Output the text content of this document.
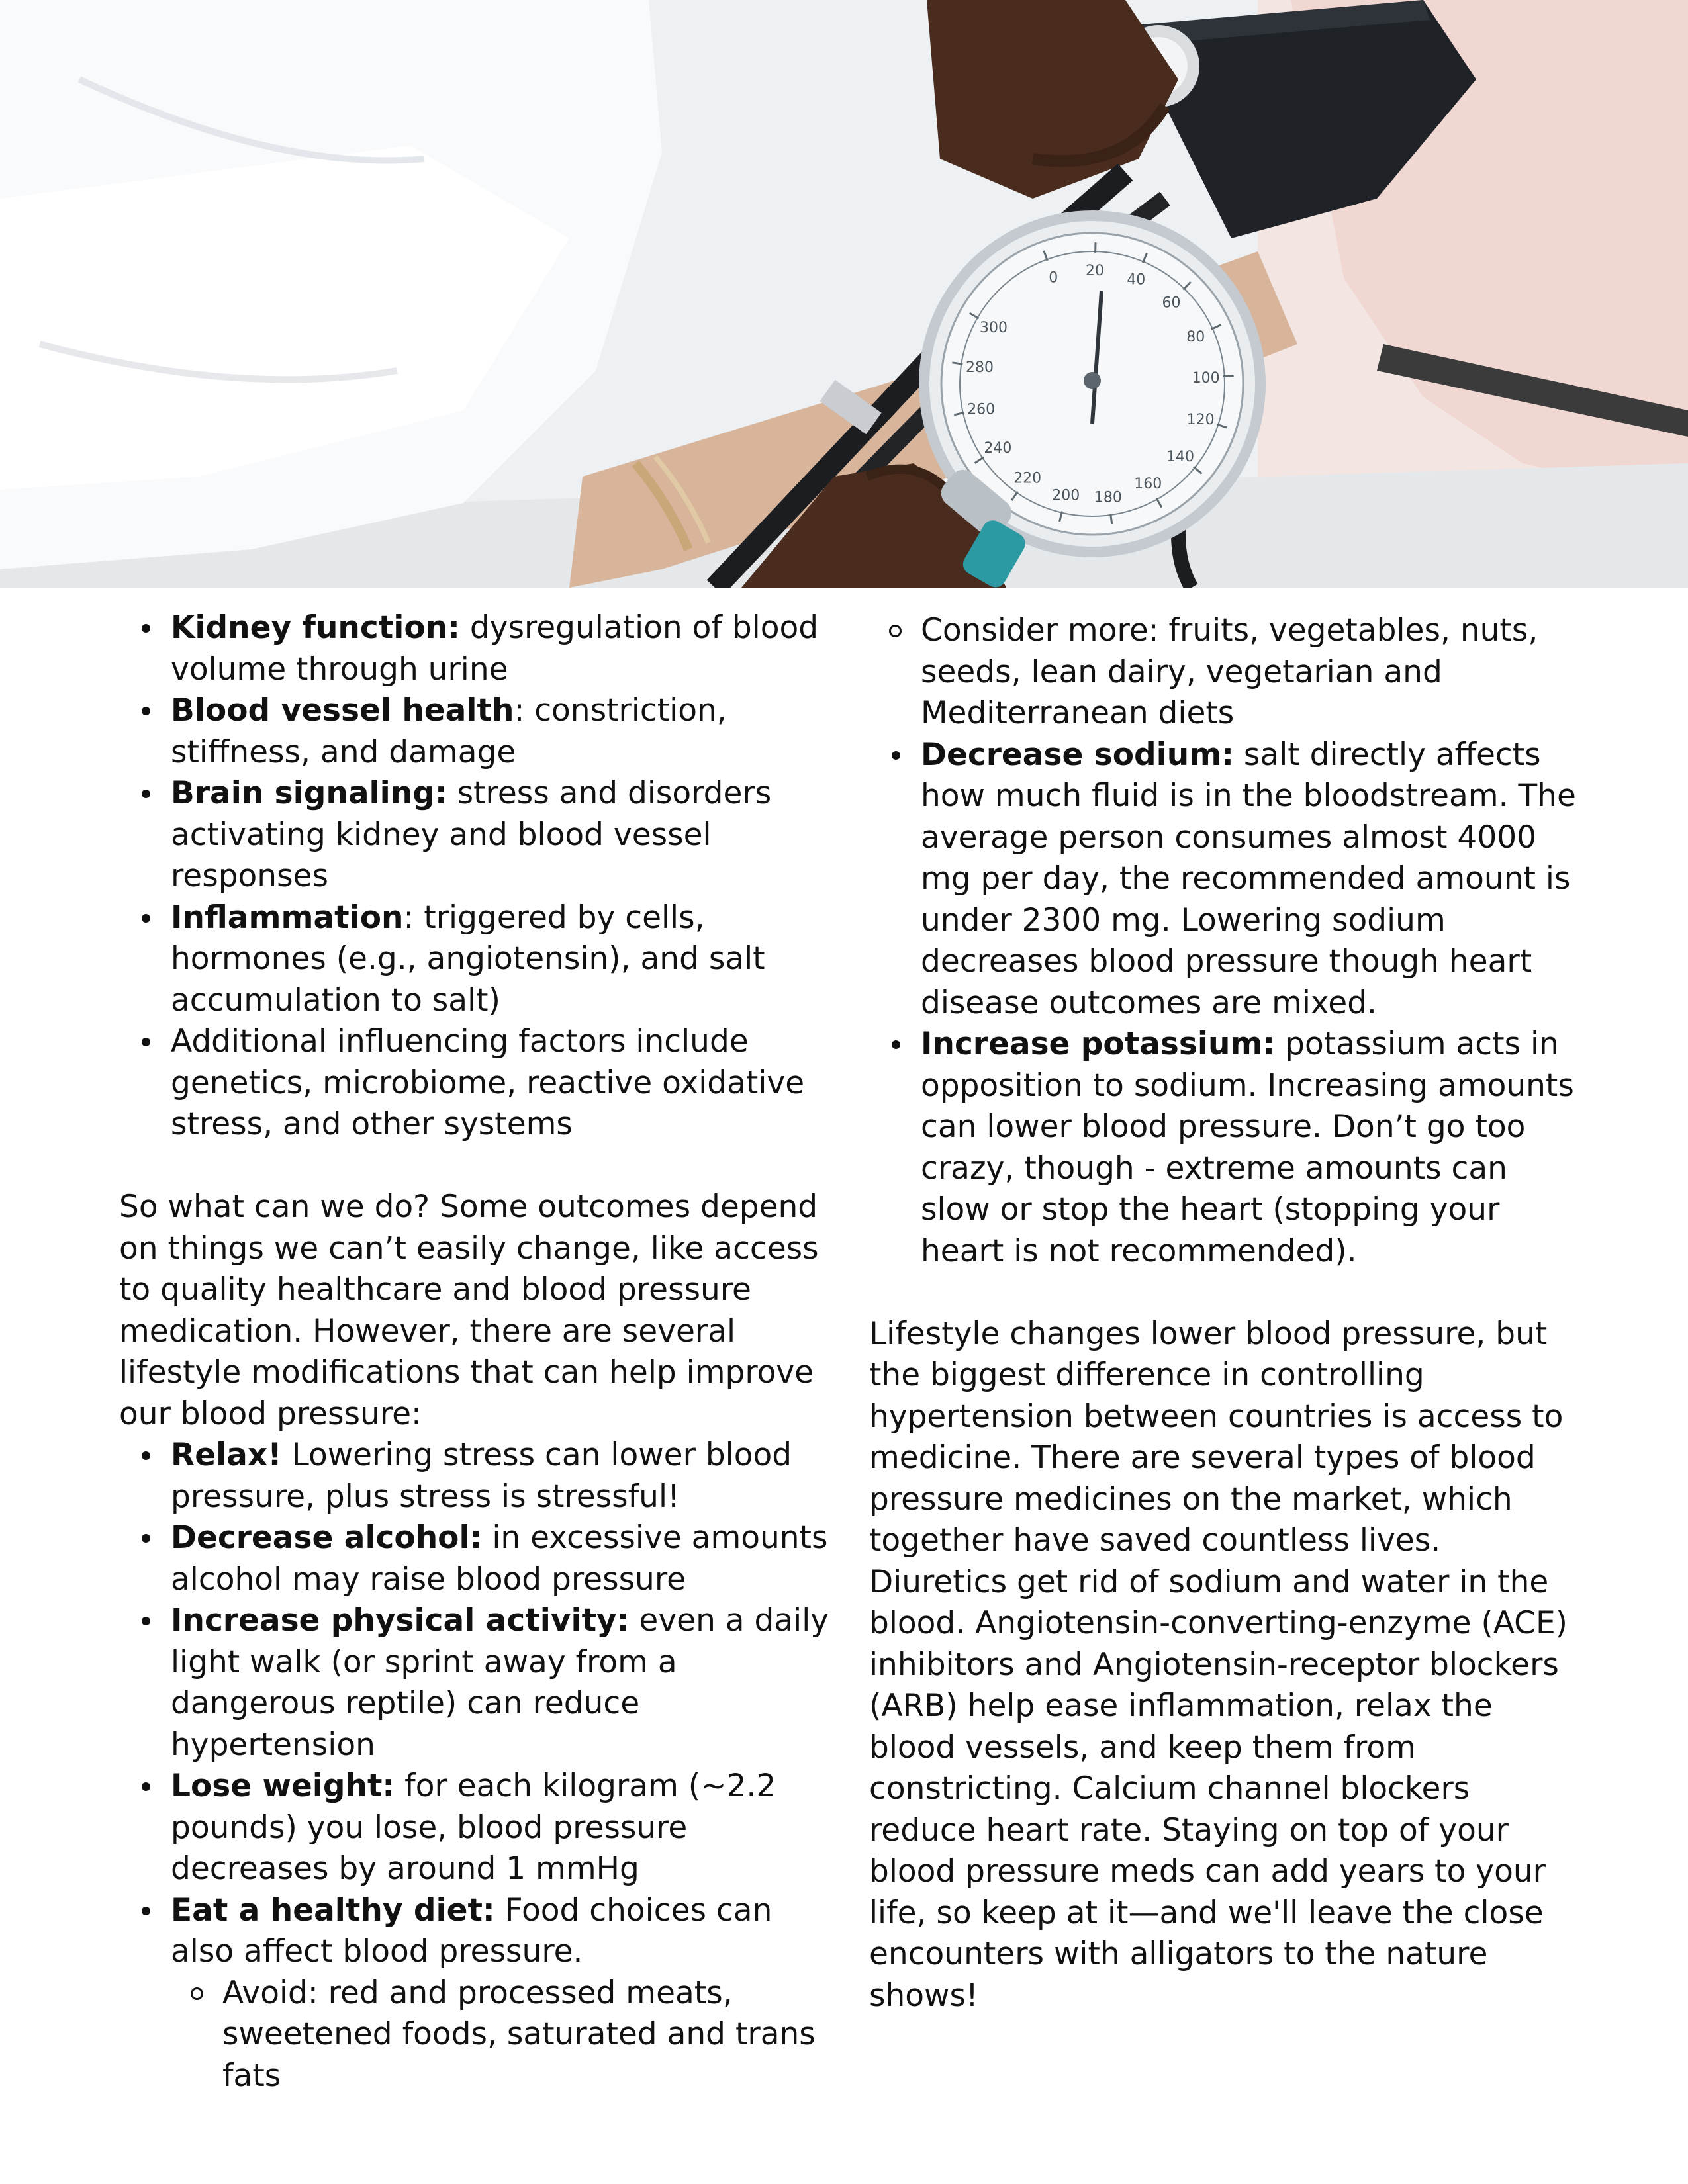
0 20
40
60
80
100
120
140
160
180
200
220
240
260
280
300
Kidney function: dysregulation of blood volume through urine
Blood vessel health: constriction, stiffness, and damage
Brain signaling: stress and disorders activating kidney and blood vessel responses
Inflammation: triggered by cells, hormones (e.g., angiotensin), and salt accumulation to salt)
Additional influencing factors include genetics, microbiome, reactive oxidative stress, and other systems

So what can we do? Some outcomes depend on things we can’t easily change, like access to quality healthcare and blood pressure medication. However, there are several lifestyle modifications that can help improve our blood pressure:

Relax! Lowering stress can lower blood pressure, plus stress is stressful!
Decrease alcohol: in excessive amounts alcohol may raise blood pressure
Increase physical activity: even a daily light walk (or sprint away from a dangerous reptile) can reduce hypertension
Lose weight: for each kilogram (~2.2 pounds) you lose, blood pressure decreases by around 1 mmHg
Eat a healthy diet: Food choices can also affect blood pressure.
Avoid: red and processed meats, sweetened foods, saturated and trans fats
Consider more: fruits, vegetables, nuts, seeds, lean dairy, vegetarian and Mediterranean diets
Decrease sodium: salt directly affects how much fluid is in the bloodstream. The average person consumes almost 4000 mg per day, the recommended amount is under 2300 mg. Lowering sodium decreases blood pressure though heart disease outcomes are mixed.
Increase potassium: potassium acts in opposition to sodium. Increasing amounts can lower blood pressure. Don’t go too crazy, though - extreme amounts can slow or stop the heart (stopping your heart is not recommended).

Lifestyle changes lower blood pressure, but the biggest difference in controlling hypertension between countries is access to medicine. There are several types of blood pressure medicines on the market, which together have saved countless lives. Diuretics get rid of sodium and water in the blood. Angiotensin-converting-enzyme (ACE) inhibitors and Angiotensin-receptor blockers (ARB) help ease inflammation, relax the blood vessels, and keep them from constricting. Calcium channel blockers reduce heart rate. Staying on top of your blood pressure meds can add years to your life, so keep at it—and we'll leave the close encounters with alligators to the nature shows!
